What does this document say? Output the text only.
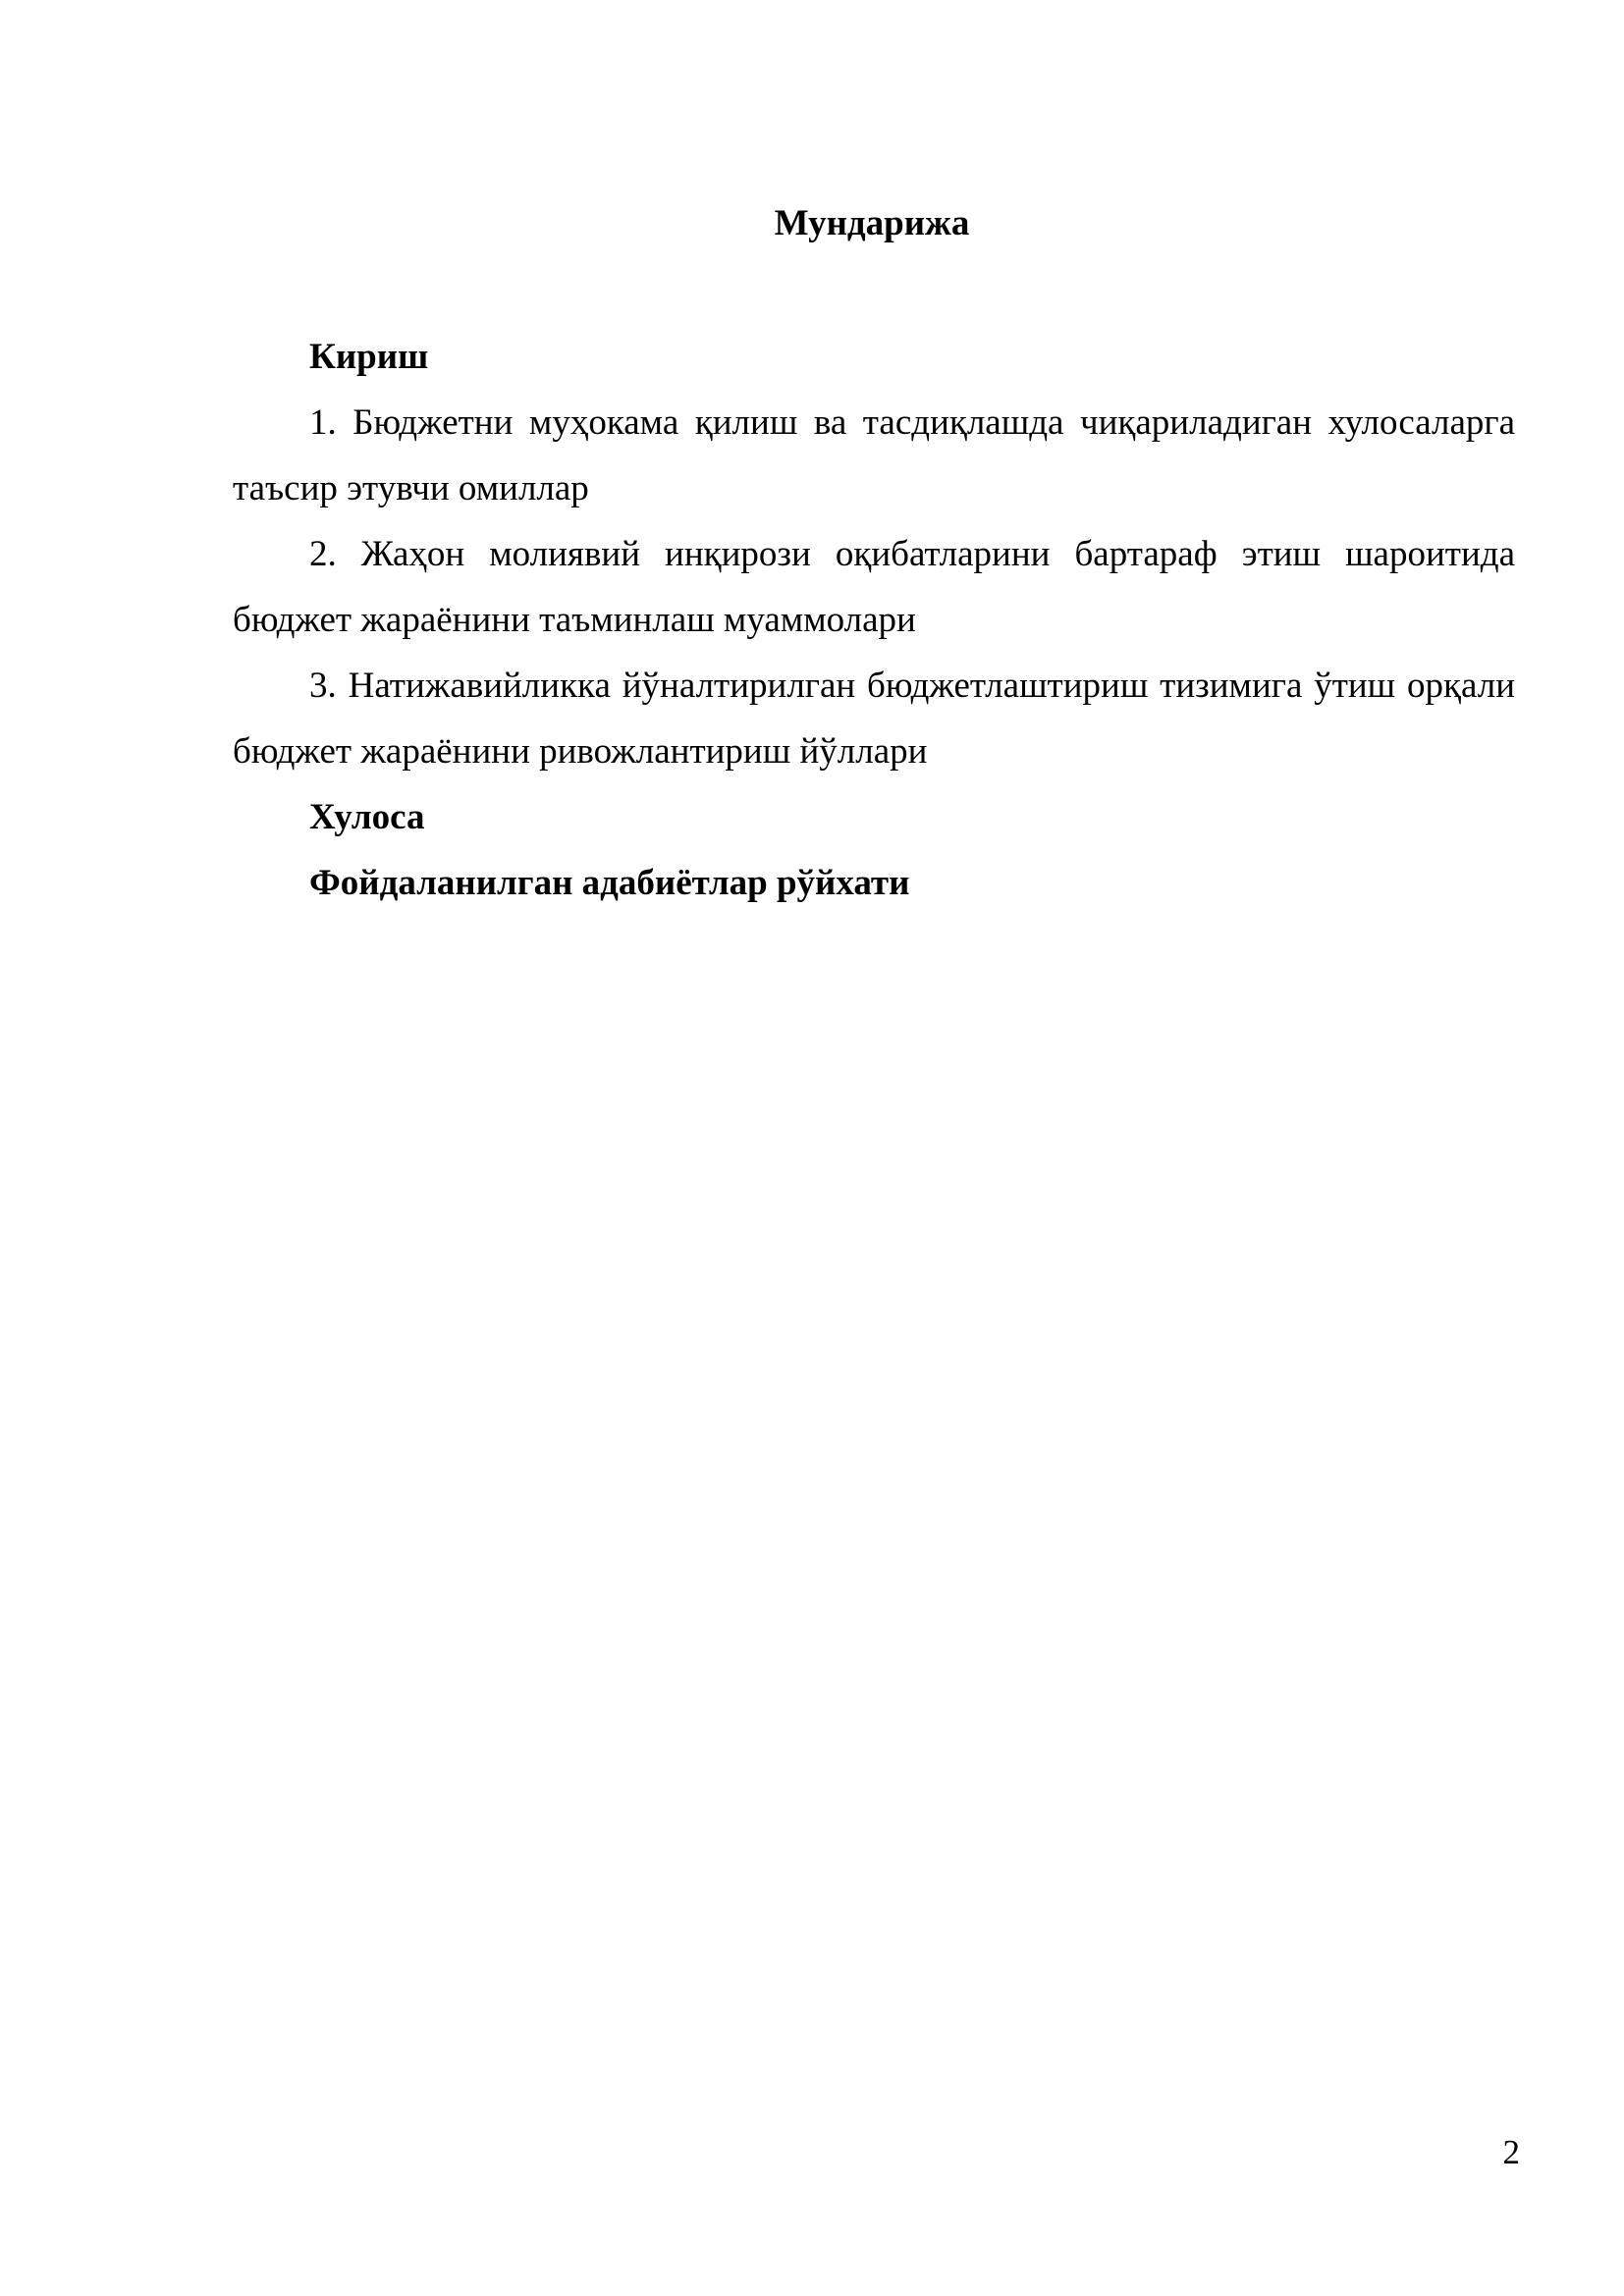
Мундарижа
Кириш

1. Бюджетни муҳокама қилиш ва тасдиқлашда чиқариладиган хулосаларга таъсир этувчи омиллар

2. Жаҳон молиявий инқирози оқибатларини бартараф этиш шароитида бюджет жараёнини таъминлаш муаммолари

3. Натижавийликка йўналтирилган бюджетлаштириш тизимига ўтиш орқали бюджет жараёнини ривожлантириш йўллари

Хулоса
Фойдаланилган адабиётлар рўйхати
2
